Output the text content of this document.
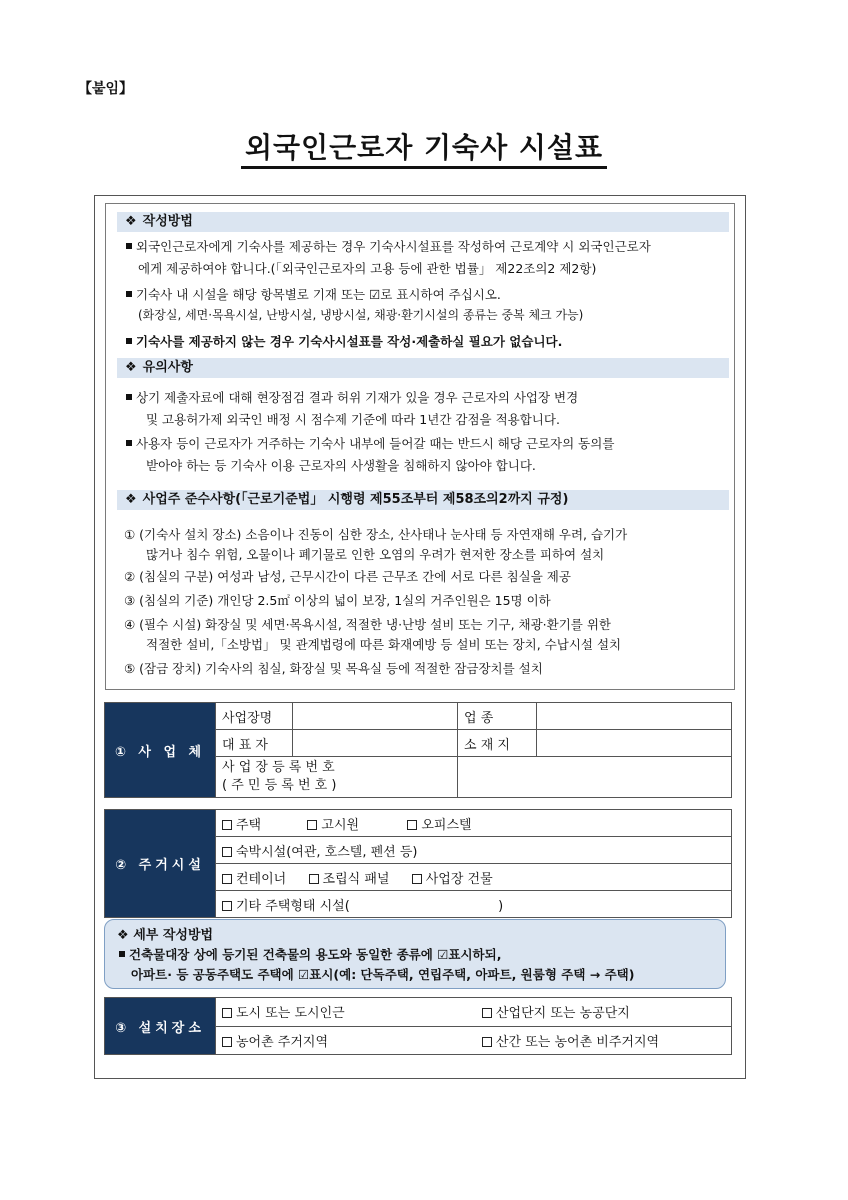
【붙임】
외국인근로자 기숙사 시설표
❖ 작성방법
외국인근로자에게 기숙사를 제공하는 경우 기숙사시설표를 작성하여 근로계약 시 외국인근로자
에게 제공하여야 합니다.(「외국인근로자의 고용 등에 관한 법률」 제22조의2 제2항)
기숙사 내 시설을 해당 항목별로 기재 또는 ☑로 표시하여 주십시오.
(화장실, 세면·목욕시설, 난방시설, 냉방시설, 채광·환기시설의 종류는 중복 체크 가능)
기숙사를 제공하지 않는 경우 기숙사시설표를 작성·제출하실 필요가 없습니다.
❖ 유의사항
상기 제출자료에 대해 현장점검 결과 허위 기재가 있을 경우 근로자의 사업장 변경
및 고용허가제 외국인 배정 시 점수제 기준에 따라 1년간 감점을 적용합니다.
사용자 등이 근로자가 거주하는 기숙사 내부에 들어갈 때는 반드시 해당 근로자의 동의를
받아야 하는 등 기숙사 이용 근로자의 사생활을 침해하지 않아야 합니다.
❖ 사업주 준수사항(「근로기준법」 시행령 제55조부터 제58조의2까지 규정)
① (기숙사 설치 장소) 소음이나 진동이 심한 장소, 산사태나 눈사태 등 자연재해 우려, 습기가
많거나 침수 위험, 오물이나 폐기물로 인한 오염의 우려가 현저한 장소를 피하여 설치
② (침실의 구분) 여성과 남성, 근무시간이 다른 근무조 간에 서로 다른 침실을 제공
③ (침실의 기준) 개인당 2.5㎡ 이상의 넓이 보장, 1실의 거주인원은 15명 이하
④ (필수 시설) 화장실 및 세면·목욕시설, 적절한 냉·난방 설비 또는 기구, 채광·환기를 위한
적절한 설비,「소방법」 및 관계법령에 따른 화재예방 등 설비 또는 장치, 수납시설 설치
⑤ (잠금 장치) 기숙사의 침실, 화장실 및 목욕실 등에 적절한 잠금장치를 설치
① 사 업 체	사업장명		업 종	
	대 표 자		소 재 지	

	사 업 장 등 록 번 호
( 주 민 등 록 번 호 )			

② 주거시설	주택	고시원	오피스텔
숙박시설(여관, 호스텔, 펜션 등)
컨테이너	조립식 패널	사업장 건물
기타 주택형태 시설(	)
❖ 세부 작성방법
건축물대장 상에 등기된 건축물의 용도와 동일한 종류에 ☑표시하되,
아파트· 등 공동주택도 주택에 ☑표시(예: 단독주택, 연립주택, 아파트, 원룸형 주택 → 주택)
③ 설치장소	도시 또는 도시인근	산업단지 또는 농공단지
	농어촌 주거지역	산간 또는 농어촌 비주거지역
